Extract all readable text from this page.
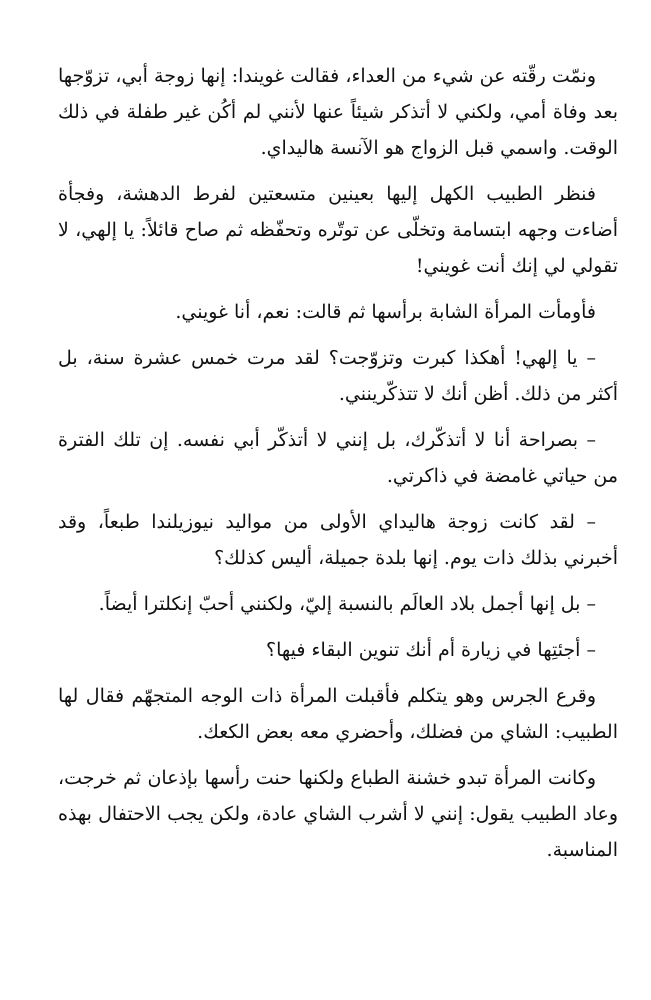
ونمّت رقّته عن شيء من العداء، فقالت غويندا: إنها زوجة أبي، تزوّجها بعد وفاة أمي، ولكني لا أتذكر شيئاً عنها لأنني لم أكُن غير طفلة في ذلك الوقت. واسمي قبل الزواج هو الآنسة هاليداي.

فنظر الطبيب الكهل إليها بعينين متسعتين لفرط الدهشة، وفجأة أضاءت وجهه ابتسامة وتخلّى عن توتّره وتحفّظه ثم صاح قائلاً: يا إلهي، لا تقولي لي إنك أنت غويني!

فأومأت المرأة الشابة برأسها ثم قالت: نعم، أنا غويني.

– يا إلهي! أهكذا كبرت وتزوّجت؟ لقد مرت خمس عشرة سنة، بل أكثر من ذلك. أظن أنك لا تتذكّرينني.

– بصراحة أنا لا أتذكّرك، بل إنني لا أتذكّر أبي نفسه. إن تلك الفترة من حياتي غامضة في ذاكرتي.

– لقد كانت زوجة هاليداي الأولى من مواليد نيوزيلندا طبعاً، وقد أخبرني بذلك ذات يوم. إنها بلدة جميلة، أليس كذلك؟

– بل إنها أجمل بلاد العالَم بالنسبة إليّ، ولكنني أحبّ إنكلترا أيضاً.

– أجئتِها في زيارة أم أنك تنوين البقاء فيها؟

وقرع الجرس وهو يتكلم فأقبلت المرأة ذات الوجه المتجهّم فقال لها الطبيب: الشاي من فضلك، وأحضري معه بعض الكعك.

وكانت المرأة تبدو خشنة الطباع ولكنها حنت رأسها بإذعان ثم خرجت، وعاد الطبيب يقول: إنني لا أشرب الشاي عادة، ولكن يجب الاحتفال بهذه المناسبة.
